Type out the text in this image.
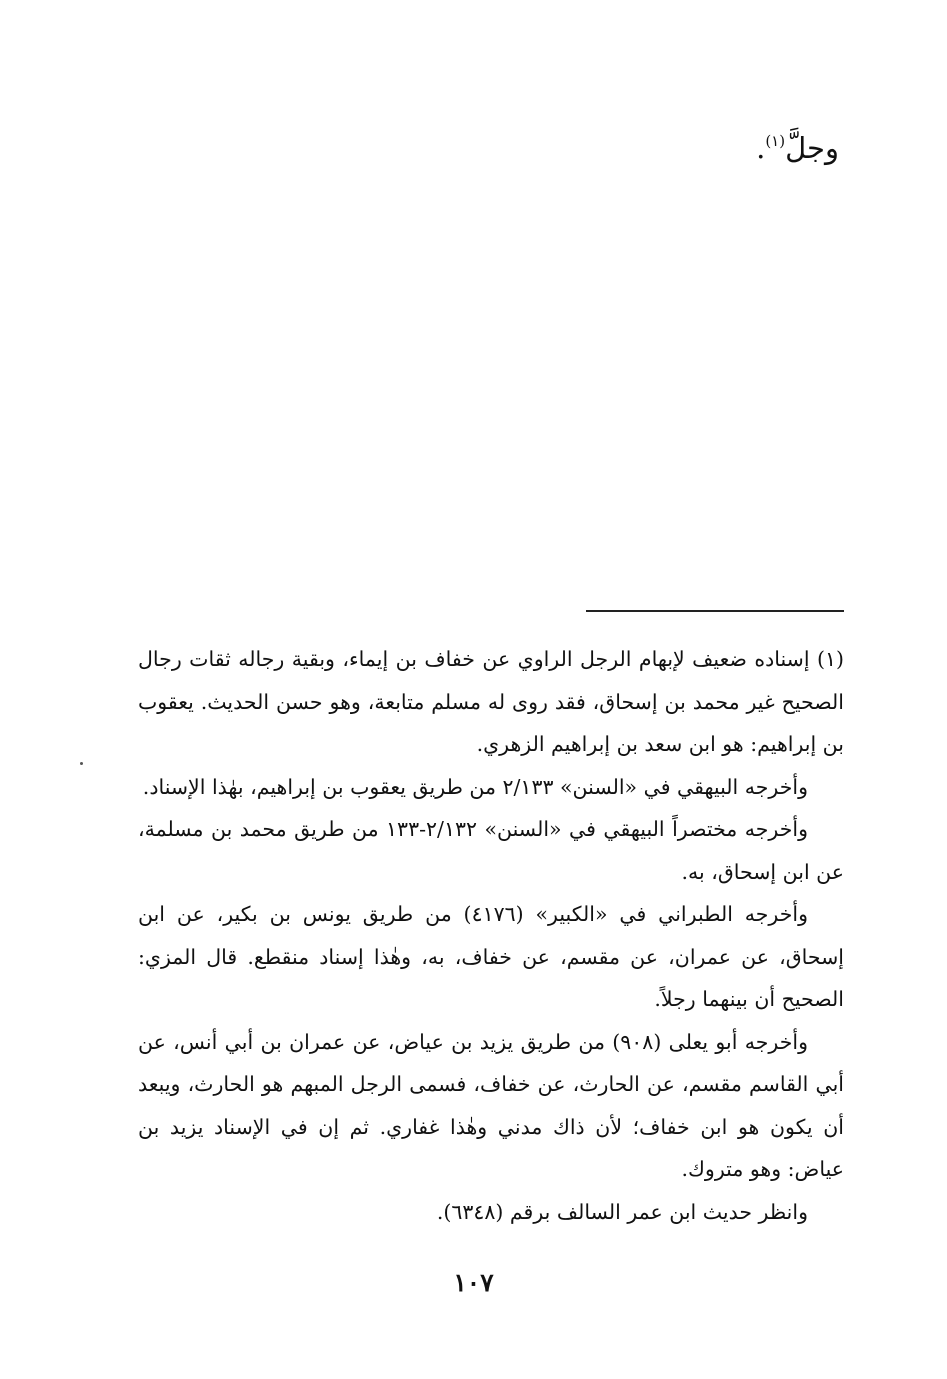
وجلَّ$^{(١)}$.

(١) إسناده ضعيف لإبهام الرجل الراوي عن خفاف بن إيماء، وبقية رجاله ثقات رجال الصحيح غير محمد بن إسحاق، فقد روى له مسلم متابعة، وهو حسن الحديث. يعقوب بن إبراهيم: هو ابن سعد بن إبراهيم الزهري.

وأخرجه البيهقي في «السنن» ٢/١٣٣ من طريق يعقوب بن إبراهيم، بهٰذا الإسناد.

وأخرجه مختصراً البيهقي في «السنن» ٢/١٣٢-١٣٣ من طريق محمد بن مسلمة، عن ابن إسحاق، به.

وأخرجه الطبراني في «الكبير» (٤١٧٦) من طريق يونس بن بكير، عن ابن إسحاق، عن عمران، عن مقسم، عن خفاف، به، وهٰذا إسناد منقطع. قال المزي: الصحيح أن بينهما رجلاً.

وأخرجه أبو يعلى (٩٠٨) من طريق يزيد بن عياض، عن عمران بن أبي أنس، عن أبي القاسم مقسم، عن الحارث، عن خفاف، فسمى الرجل المبهم هو الحارث، ويبعد أن يكون هو ابن خفاف؛ لأن ذاك مدني وهٰذا غفاري. ثم إن في الإسناد يزيد بن عياض: وهو متروك.

وانظر حديث ابن عمر السالف برقم (٦٣٤٨).

١٠٧
